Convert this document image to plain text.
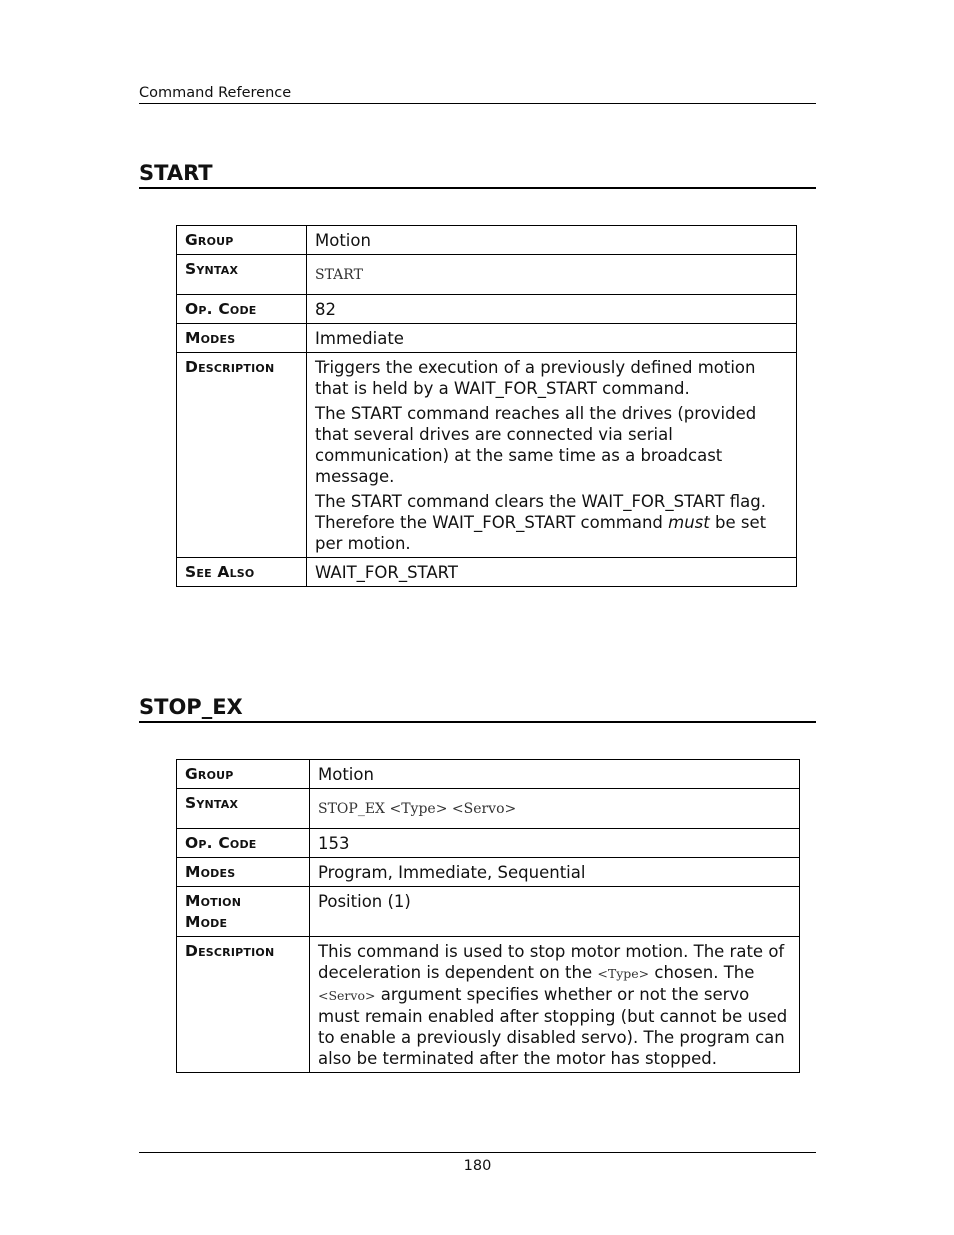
Command Reference
START
Group	Motion
Syntax	START
Op. Code	82
Modes	Immediate
Description	Triggers the execution of a previously defined motion that is held by a WAIT_FOR_START command.

The START command reaches all the drives (provided that several drives are connected via serial communication) at the same time as a broadcast message.

The START command clears the WAIT_FOR_START flag. Therefore the WAIT_FOR_START command must be set per motion.

See Also	WAIT_FOR_START
STOP_EX
Group	Motion
Syntax	STOP_EX <Type> <Servo>
Op. Code	153
Modes	Program, Immediate, Sequential
Motion
Mode	Position (1)
Description	This command is used to stop motor motion. The rate of deceleration is dependent on the <Type> chosen. The <Servo> argument specifies whether or not the servo must remain enabled after stopping (but cannot be used to enable a previously disabled servo). The program can also be terminated after the motor has stopped.
180
